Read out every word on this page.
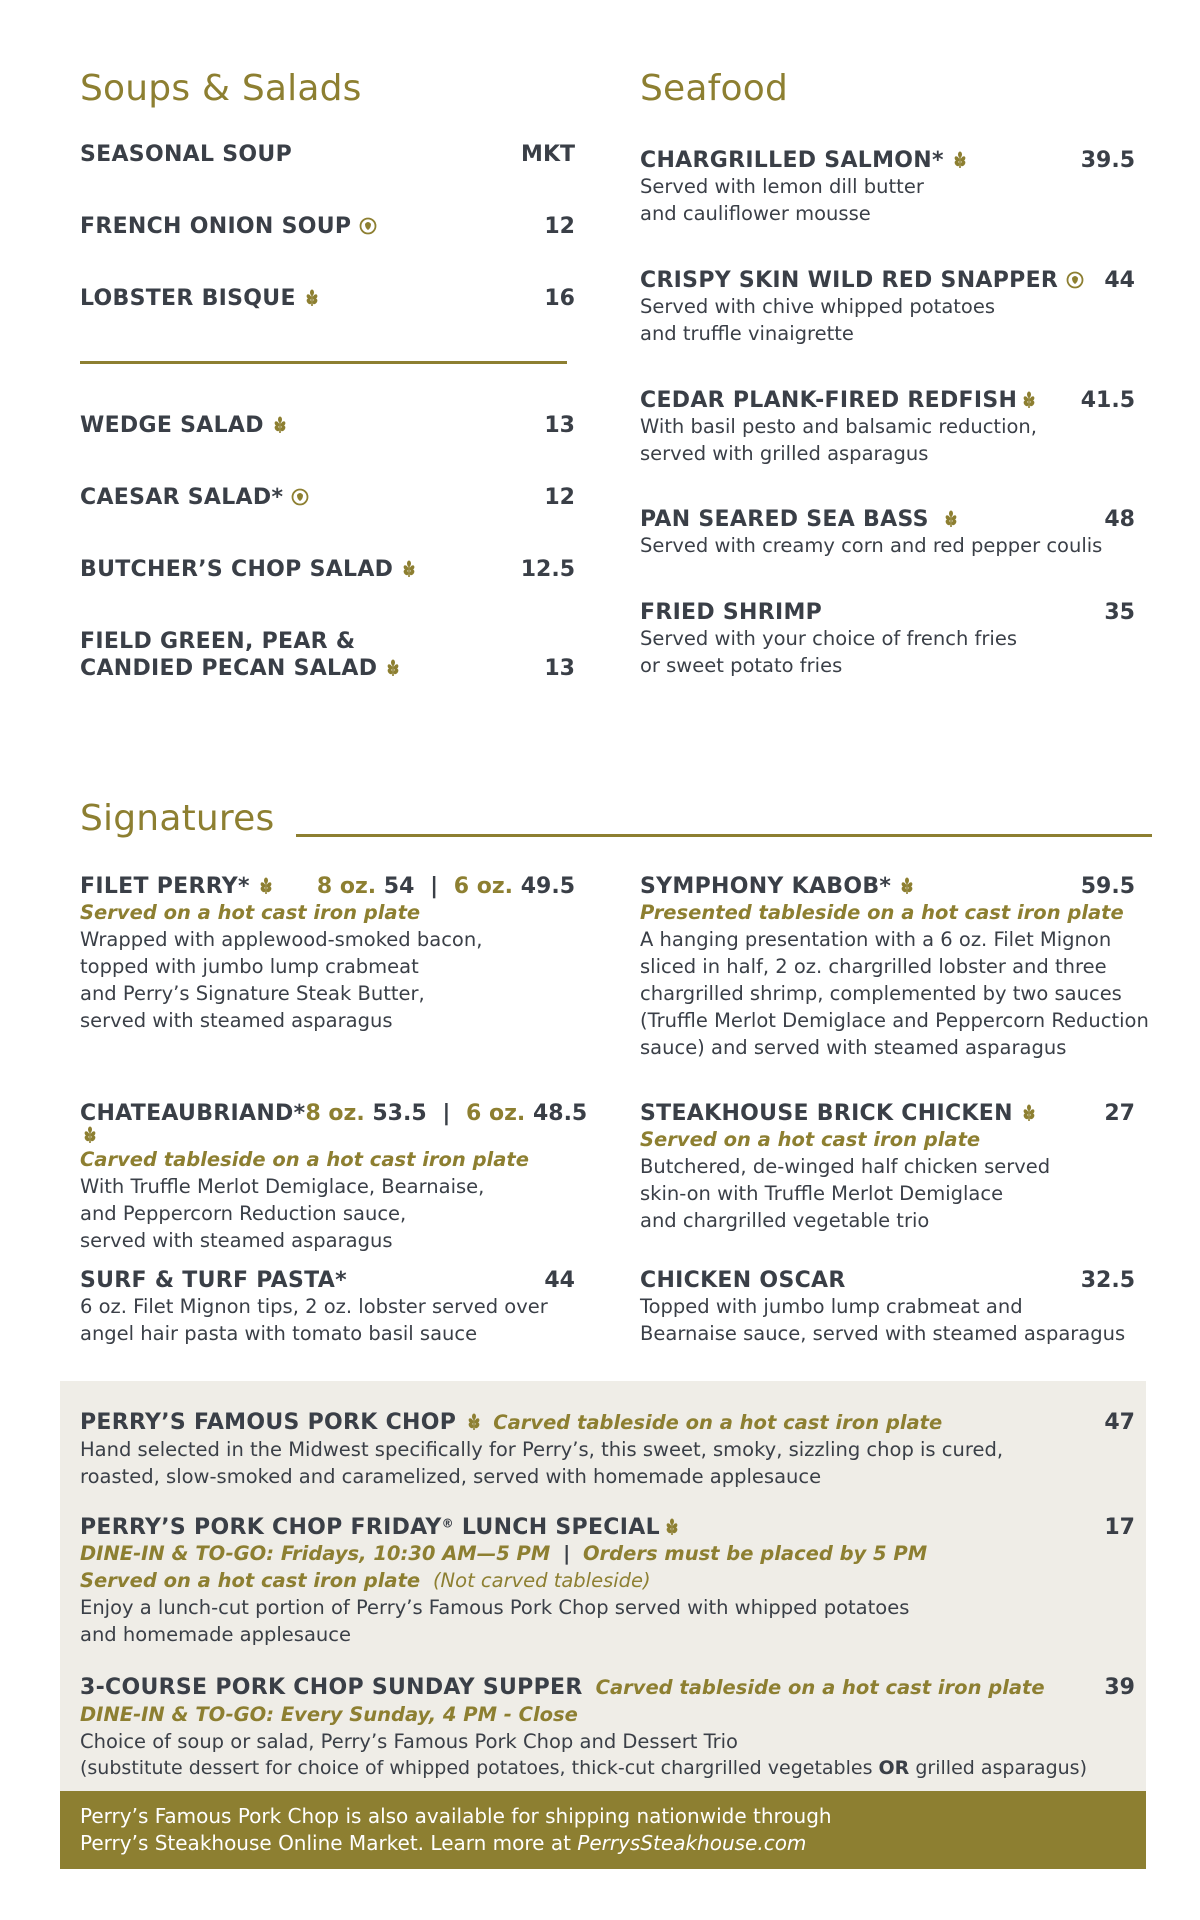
Soups & Salads
SEASONAL SOUP	MKT
FRENCH ONION SOUP	12
LOBSTER BISQUE	16
WEDGE SALAD	13
CAESAR SALAD*	12
BUTCHER’S CHOP SALAD	12.5
FIELD GREEN, PEAR &
CANDIED PECAN SALAD	13
Seafood
CHARGRILLED SALMON*	39.5
Served with lemon dill butter
and cauliflower mousse
CRISPY SKIN WILD RED SNAPPER	44
Served with chive whipped potatoes
and truffle vinaigrette
CEDAR PLANK-FIRED REDFISH	41.5
With basil pesto and balsamic reduction,
served with grilled asparagus
PAN SEARED SEA BASS	48
Served with creamy corn and red pepper coulis
FRIED SHRIMP	35
Served with your choice of french fries
or sweet potato fries
Signatures
FILET PERRY*	8 oz. 54 | 6 oz. 49.5
Served on a hot cast iron plate
Wrapped with applewood-smoked bacon,
topped with jumbo lump crabmeat
and Perry’s Signature Steak Butter,
served with steamed asparagus
SYMPHONY KABOB*	59.5
Presented tableside on a hot cast iron plate
A hanging presentation with a 6 oz. Filet Mignon
sliced in half, 2 oz. chargrilled lobster and three
chargrilled shrimp, complemented by two sauces
(Truffle Merlot Demiglace and Peppercorn Reduction
sauce) and served with steamed asparagus
CHATEAUBRIAND* 8 oz. 53.5 | 6 oz. 48.5
Carved tableside on a hot cast iron plate
With Truffle Merlot Demiglace, Bearnaise,
and Peppercorn Reduction sauce,
served with steamed asparagus
STEAKHOUSE BRICK CHICKEN	27
Served on a hot cast iron plate
Butchered, de-winged half chicken served
skin-on with Truffle Merlot Demiglace
and chargrilled vegetable trio
SURF & TURF PASTA*	44
6 oz. Filet Mignon tips, 2 oz. lobster served over
angel hair pasta with tomato basil sauce
CHICKEN OSCAR	32.5
Topped with jumbo lump crabmeat and
Bearnaise sauce, served with steamed asparagus
PERRY’S FAMOUS PORK CHOP Carved tableside on a hot cast iron plate	47
Hand selected in the Midwest specifically for Perry’s, this sweet, smoky, sizzling chop is cured,
roasted, slow-smoked and caramelized, served with homemade applesauce
PERRY’S PORK CHOP FRIDAY® LUNCH SPECIAL	17
DINE-IN & TO-GO: Fridays, 10:30 AM—5 PM | Orders must be placed by 5 PM
Served on a hot cast iron plate (Not carved tableside)
Enjoy a lunch-cut portion of Perry’s Famous Pork Chop served with whipped potatoes
and homemade applesauce
3-COURSE PORK CHOP SUNDAY SUPPER Carved tableside on a hot cast iron plate	39
DINE-IN & TO-GO: Every Sunday, 4 PM - Close
Choice of soup or salad, Perry’s Famous Pork Chop and Dessert Trio
(substitute dessert for choice of whipped potatoes, thick-cut chargrilled vegetables OR grilled asparagus)
Perry’s Famous Pork Chop is also available for shipping nationwide through
Perry’s Steakhouse Online Market. Learn more at PerrysSteakhouse.com
